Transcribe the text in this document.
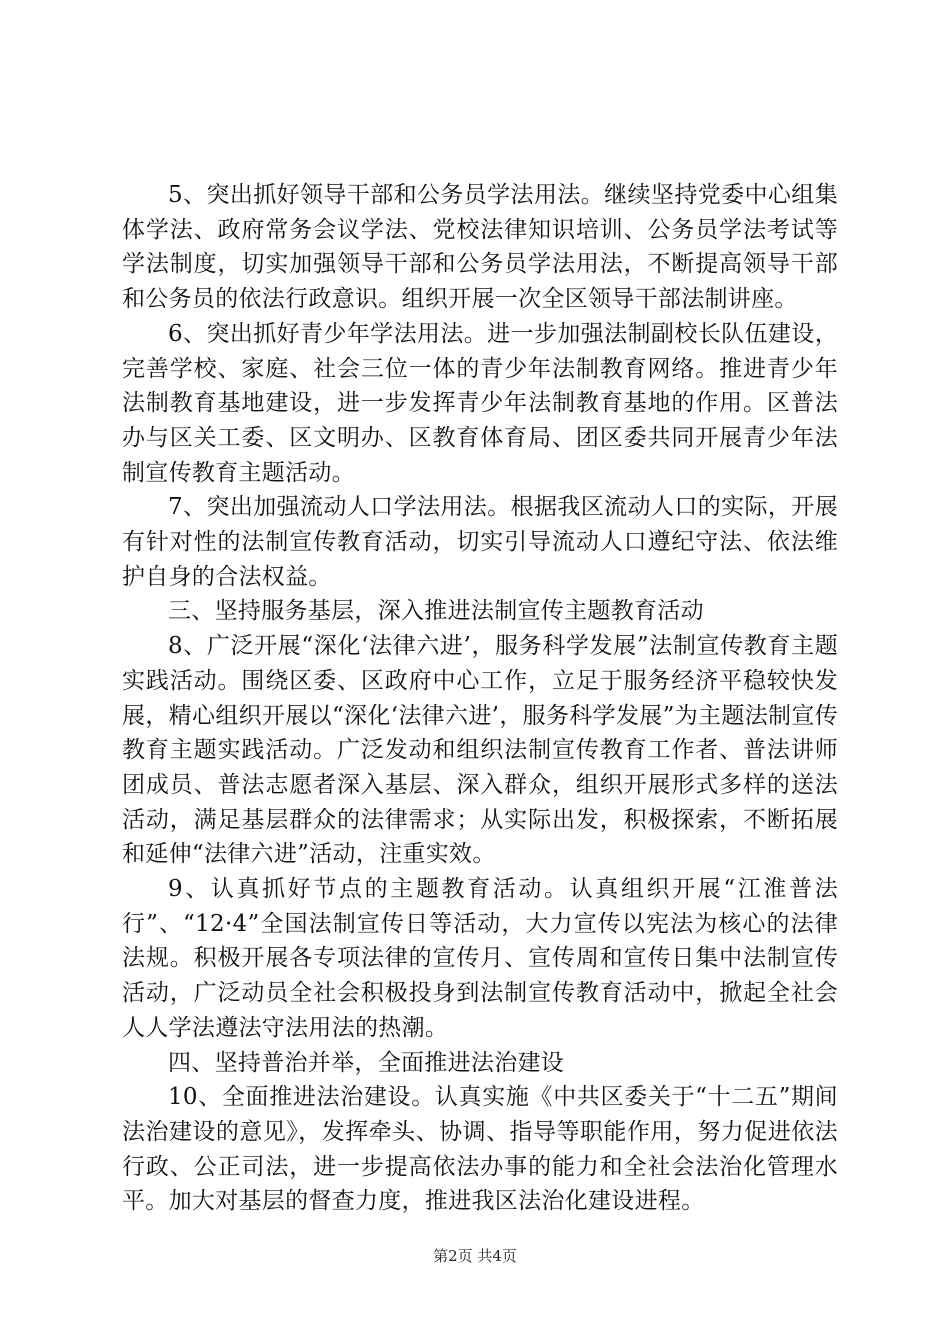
5、突出抓好领导干部和公务员学法用法。继续坚持党委中心组集体学法、政府常务会议学法、党校法律知识培训、公务员学法考试等学法制度，切实加强领导干部和公务员学法用法，不断提高领导干部和公务员的依法行政意识。组织开展一次全区领导干部法制讲座。

6、突出抓好青少年学法用法。进一步加强法制副校长队伍建设，完善学校、家庭、社会三位一体的青少年法制教育网络。推进青少年法制教育基地建设，进一步发挥青少年法制教育基地的作用。区普法办与区关工委、区文明办、区教育体育局、团区委共同开展青少年法制宣传教育主题活动。

7、突出加强流动人口学法用法。根据我区流动人口的实际，开展有针对性的法制宣传教育活动，切实引导流动人口遵纪守法、依法维护自身的合法权益。

三、坚持服务基层，深入推进法制宣传主题教育活动

8、广泛开展“深化‘法律六进’，服务科学发展”法制宣传教育主题实践活动。围绕区委、区政府中心工作，立足于服务经济平稳较快发展，精心组织开展以“深化‘法律六进’，服务科学发展”为主题法制宣传教育主题实践活动。广泛发动和组织法制宣传教育工作者、普法讲师团成员、普法志愿者深入基层、深入群众，组织开展形式多样的送法活动，满足基层群众的法律需求；从实际出发，积极探索，不断拓展和延伸“法律六进”活动，注重实效。

9、认真抓好节点的主题教育活动。认真组织开展“江淮普法行”、“12·4”全国法制宣传日等活动，大力宣传以宪法为核心的法律法规。积极开展各专项法律的宣传月、宣传周和宣传日集中法制宣传活动，广泛动员全社会积极投身到法制宣传教育活动中，掀起全社会人人学法遵法守法用法的热潮。

四、坚持普治并举，全面推进法治建设

10、全面推进法治建设。认真实施《中共区委关于“十二五”期间法治建设的意见》，发挥牵头、协调、指导等职能作用，努力促进依法行政、公正司法，进一步提高依法办事的能力和全社会法治化管理水平。加大对基层的督查力度，推进我区法治化建设进程。

第2页 共4页
